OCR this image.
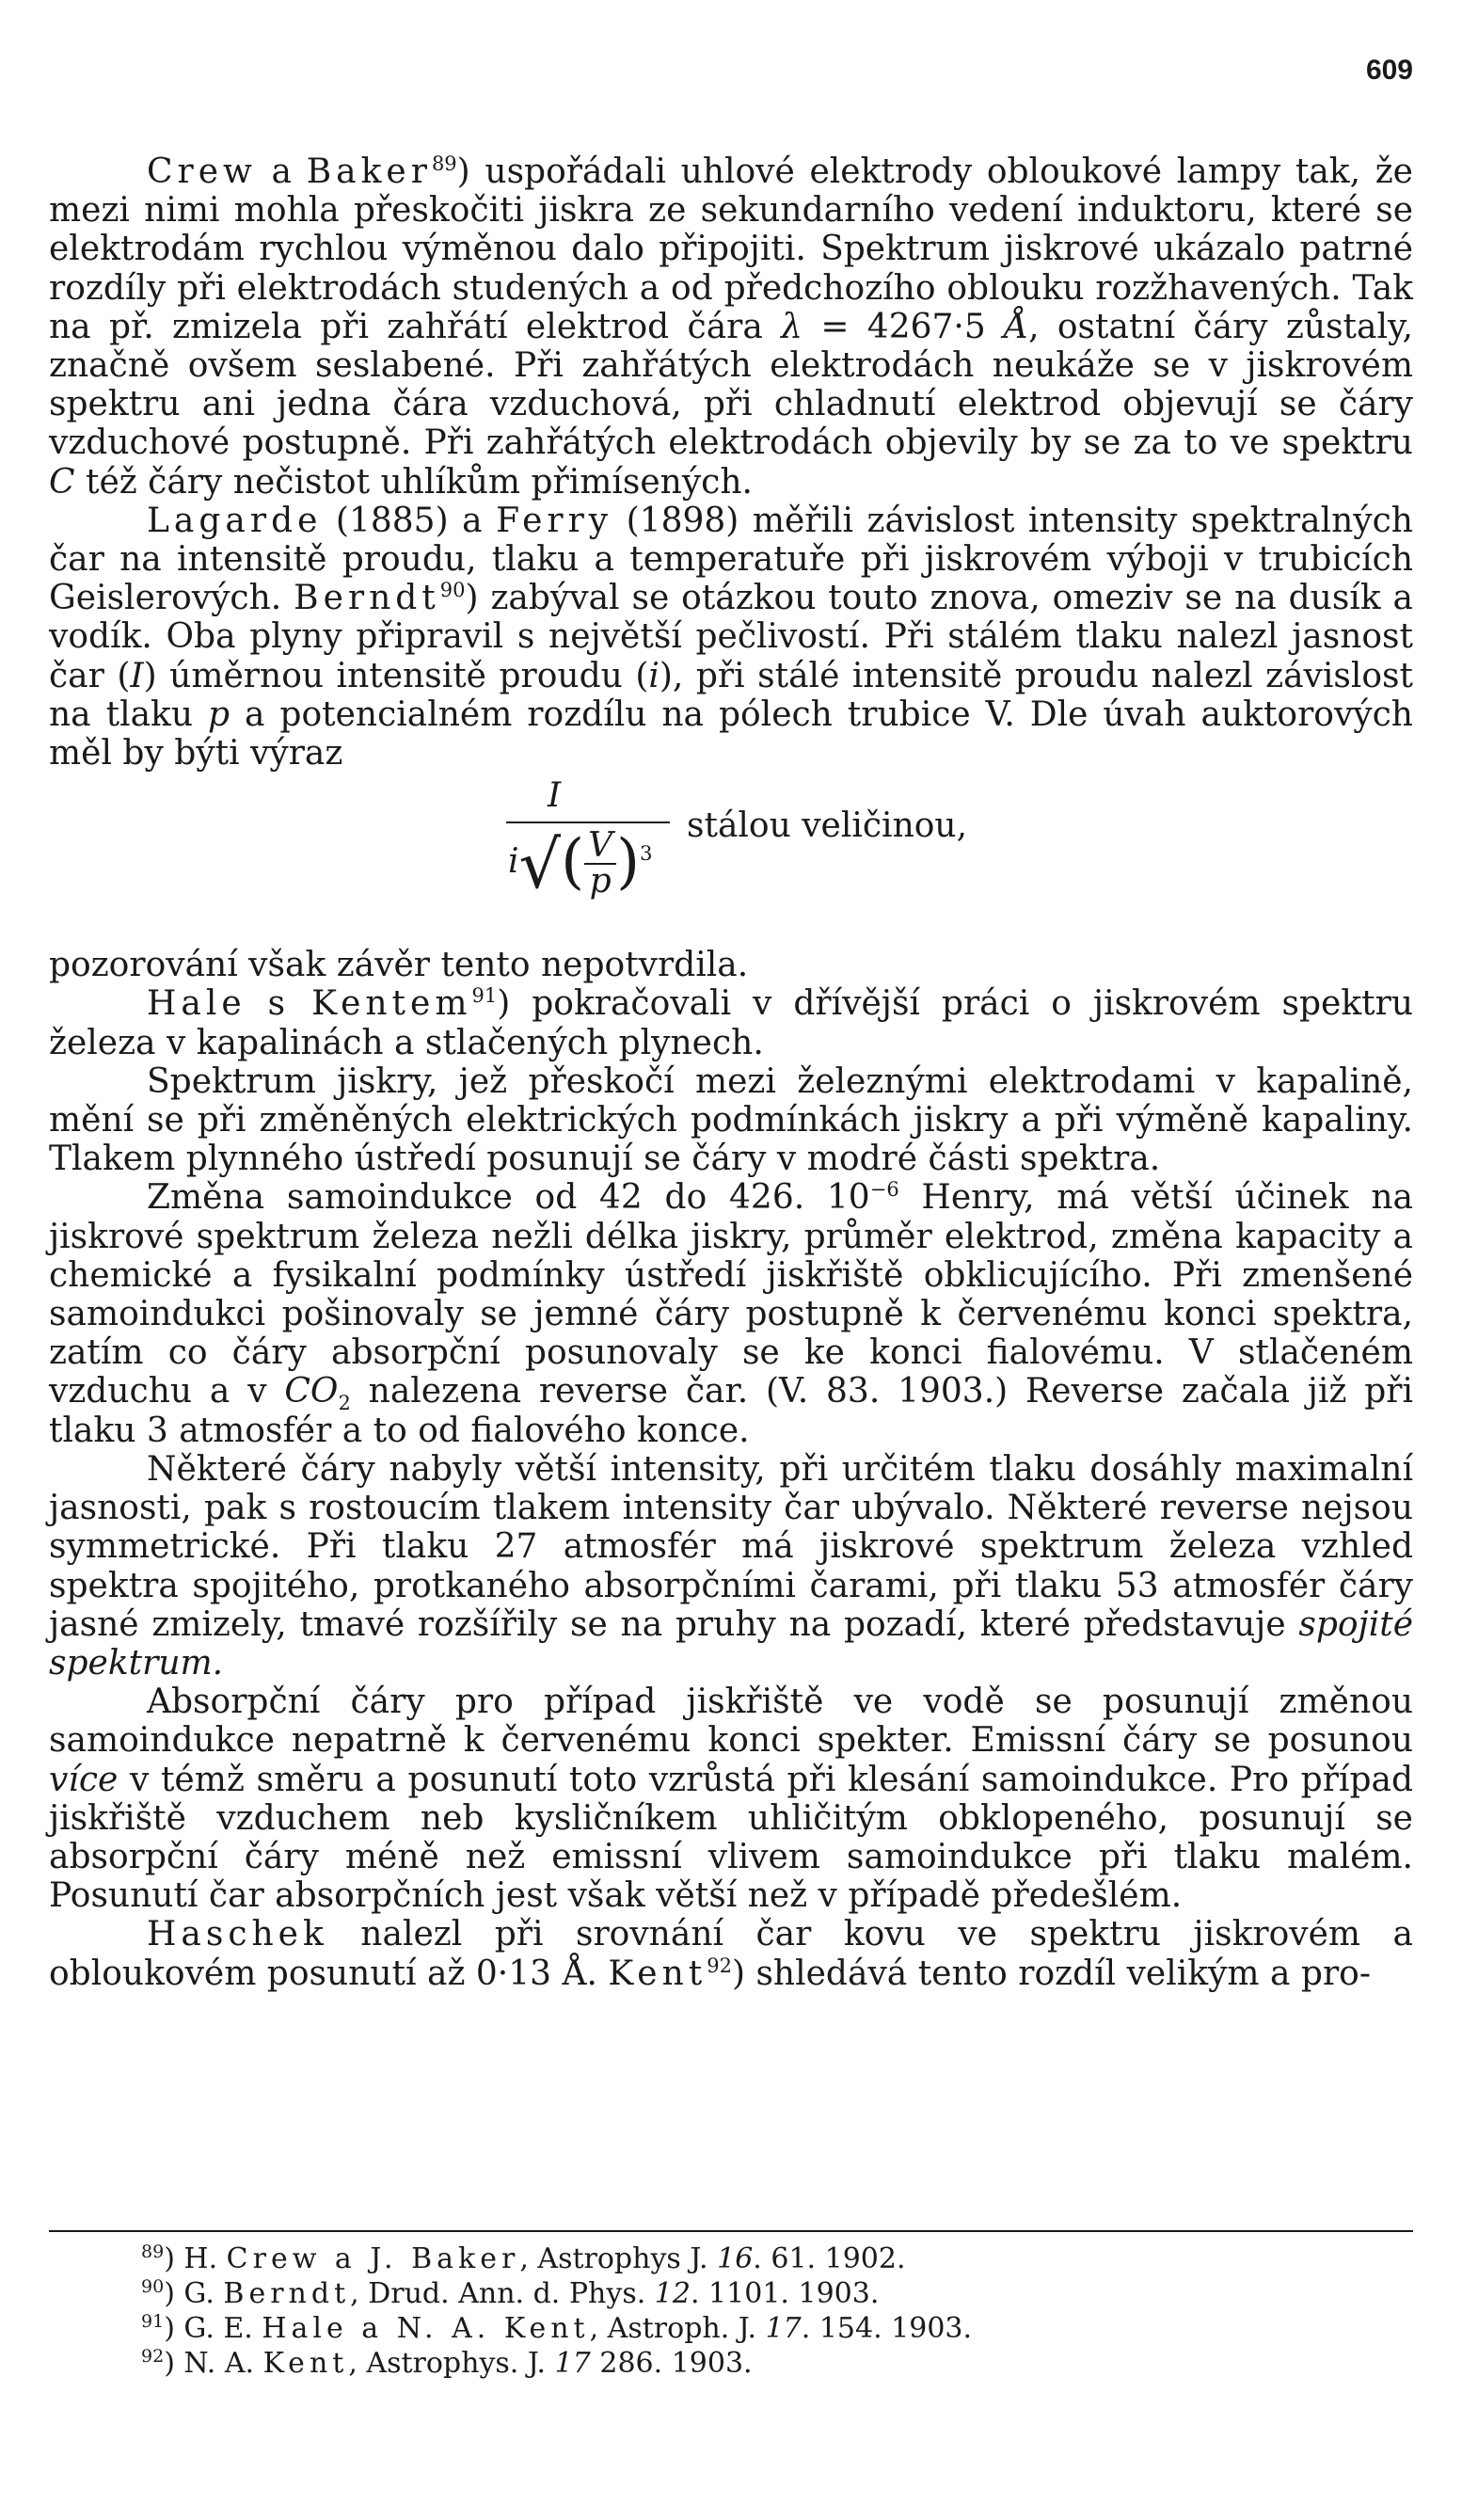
609

Crew a Baker$^{89}$) uspořádali uhlové elektrody obloukové lampy tak, že mezi nimi mohla přeskočiti jiskra ze sekundarního vedení induktoru, které se elektrodám rychlou výměnou dalo připojiti. Spektrum jiskrové ukázalo patrné rozdíly při elektrodách studených a od předchozího oblouku rozžhavených. Tak na př. zmizela při zahřátí elektrod čára λ = 4267·5 Å, ostatní čáry zůstaly, značně ovšem seslabené. Při zahřátých elektrodách neukáže se v jiskrovém spektru ani jedna čára vzduchová, při chladnutí elektrod objevují se čáry vzduchové postupně. Při zahřátých elektrodách objevily by se za to ve spektru C též čáry nečistot uhlíkům přimísených.

Lagarde (1885) a Ferry (1898) měřili závislost intensity spektralných čar na intensitě proudu, tlaku a temperatuře při jiskrovém výboji v trubicích Geislerových. Berndt$^{90}$) zabýval se otázkou touto znova, omeziv se na dusík a vodík. Oba plyny připravil s největší pečlivostí. Při stálém tlaku nalezl jasnost čar (I) úměrnou intensitě proudu (i), při stálé intensitě proudu nalezl závislost na tlaku p a potencialném rozdílu na pólech trubice V. Dle úvah auktorových měl by býti výraz

I
$i√( \frac{V}{p} )^3$
stálou veličinou,

pozorování však závěr tento nepotvrdila.

Hale s Kentem$^{91}$) pokračovali v dřívější práci o jiskrovém spektru železa v kapalinách a stlačených plynech.

Spektrum jiskry, jež přeskočí mezi železnými elektrodami v kapalině, mění se při změněných elektrických podmínkách jiskry a při výměně kapaliny. Tlakem plynného ústředí posunují se čáry v modré části spektra.

Změna samoindukce od 42 do 426. $10^{-6}$ Henry, má větší účinek na jiskrové spektrum železa nežli délka jiskry, průměr elektrod, změna kapacity a chemické a fysikalní podmínky ústředí jiskřiště obklicujícího. Při zmenšené samoindukci pošinovaly se jemné čáry postupně k červenému konci spektra, zatím co čáry absorpční posunovaly se ke konci fialovému. V stlačeném vzduchu a v $CO_2$ nalezena reverse čar. (V. 83. 1903.) Reverse začala již při tlaku 3 atmosfér a to od fialového konce.

Některé čáry nabyly větší intensity, při určitém tlaku dosáhly maximalní jasnosti, pak s rostoucím tlakem intensity čar ubývalo. Některé reverse nejsou symmetrické. Při tlaku 27 atmosfér má jiskrové spektrum železa vzhled spektra spojitého, protkaného absorpčními čarami, při tlaku 53 atmosfér čáry jasné zmizely, tmavé rozšířily se na pruhy na pozadí, které představuje spojité spektrum.

Absorpční čáry pro případ jiskřiště ve vodě se posunují změnou samoindukce nepatrně k červenému konci spekter. Emissní čáry se posunou více v témž směru a posunutí toto vzrůstá při klesání samoindukce. Pro případ jiskřiště vzduchem neb kysličníkem uhličitým obklopeného, posunují se absorpční čáry méně než emissní vlivem samoindukce při tlaku malém. Posunutí čar absorpčních jest však větší než v případě předešlém.

Haschek nalezl při srovnání čar kovu ve spektru jiskrovém a obloukovém posunutí až 0·13 Å. Kent$^{92}$) shledává tento rozdíl velikým a pro-

$^{89}$) H. Crew a J. Baker, Astrophys J. 16. 61. 1902.
$^{90}$) G. Berndt, Drud. Ann. d. Phys. 12. 1101. 1903.
$^{91}$) G. E. Hale a N. A. Kent, Astroph. J. 17. 154. 1903.
$^{92}$) N. A. Kent, Astrophys. J. 17 286. 1903.
